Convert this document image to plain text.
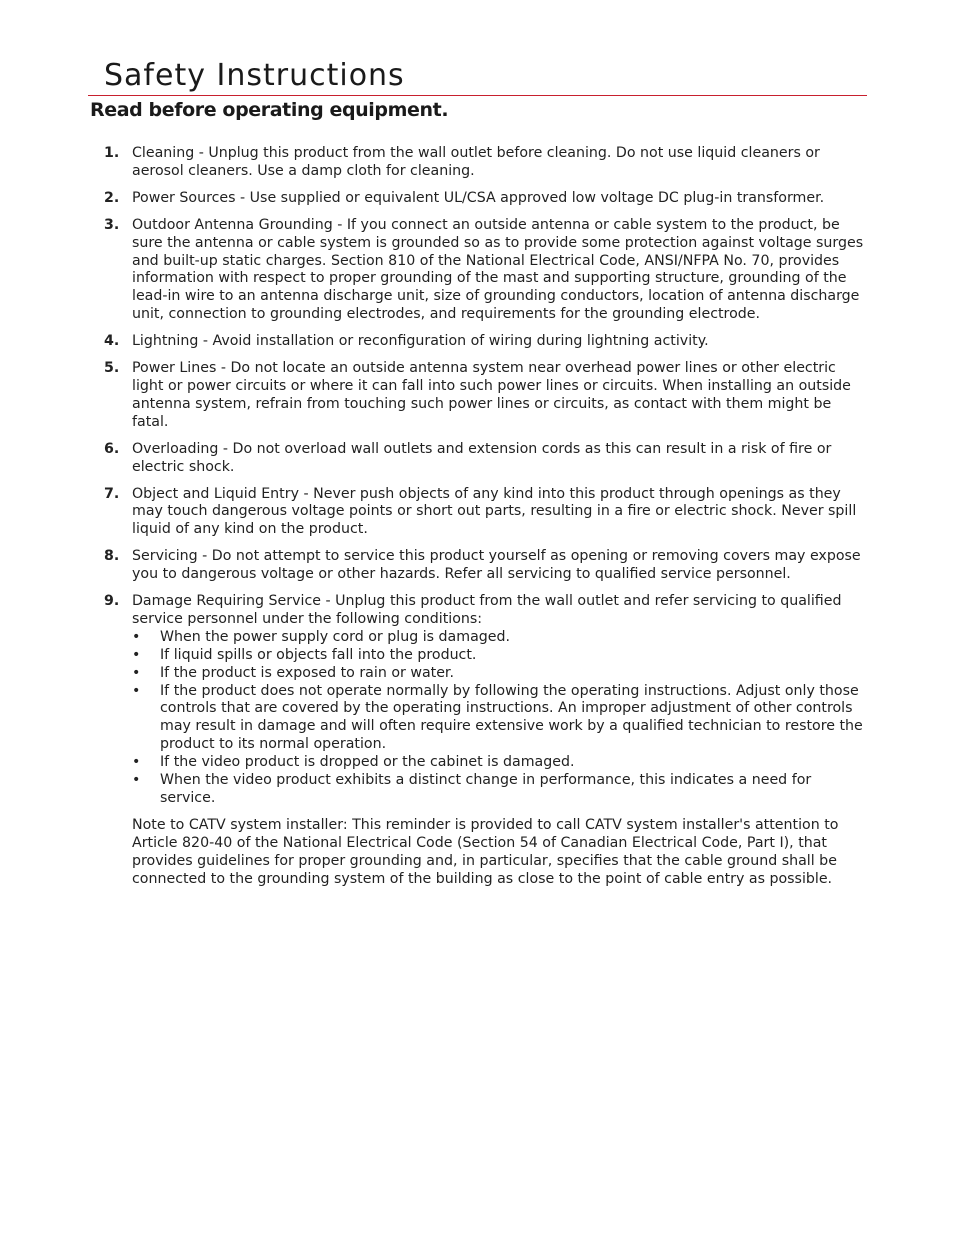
Safety Instructions
Read before operating equipment.
1. Cleaning - Unplug this product from the wall outlet before cleaning. Do not use liquid cleaners or aerosol cleaners. Use a damp cloth for cleaning.
2. Power Sources - Use supplied or equivalent UL/CSA approved low voltage DC plug-in transformer.
3. Outdoor Antenna Grounding - If you connect an outside antenna or cable system to the product, be sure the antenna or cable system is grounded so as to provide some protection against voltage surges and built-up static charges. Section 810 of the National Electrical Code, ANSI/NFPA No. 70, provides information with respect to proper grounding of the mast and supporting structure, grounding of the lead-in wire to an antenna discharge unit, size of grounding conductors, location of antenna discharge unit, connection to grounding electrodes, and requirements for the grounding electrode.
4. Lightning - Avoid installation or reconfiguration of wiring during lightning activity.
5. Power Lines - Do not locate an outside antenna system near overhead power lines or other electric light or power circuits or where it can fall into such power lines or circuits. When installing an outside antenna system, refrain from touching such power lines or circuits, as contact with them might be fatal.
6. Overloading - Do not overload wall outlets and extension cords as this can result in a risk of fire or electric shock.
7. Object and Liquid Entry - Never push objects of any kind into this product through openings as they may touch dangerous voltage points or short out parts, resulting in a fire or electric shock. Never spill liquid of any kind on the product.
8. Servicing - Do not attempt to service this product yourself as opening or removing covers may expose you to dangerous voltage or other hazards. Refer all servicing to qualified service personnel.
9. Damage Requiring Service - Unplug this product from the wall outlet and refer servicing to qualified service personnel under the following conditions:
• When the power supply cord or plug is damaged.
• If liquid spills or objects fall into the product.
• If the product is exposed to rain or water.
• If the product does not operate normally by following the operating instructions. Adjust only those controls that are covered by the operating instructions. An improper adjustment of other controls may result in damage and will often require extensive work by a qualified technician to restore the product to its normal operation.
• If the video product is dropped or the cabinet is damaged.
• When the video product exhibits a distinct change in performance, this indicates a need for service.

Note to CATV system installer: This reminder is provided to call CATV system installer's attention to Article 820-40 of the National Electrical Code (Section 54 of Canadian Electrical Code, Part I), that provides guidelines for proper grounding and, in particular, specifies that the cable ground shall be connected to the grounding system of the building as close to the point of cable entry as possible.
